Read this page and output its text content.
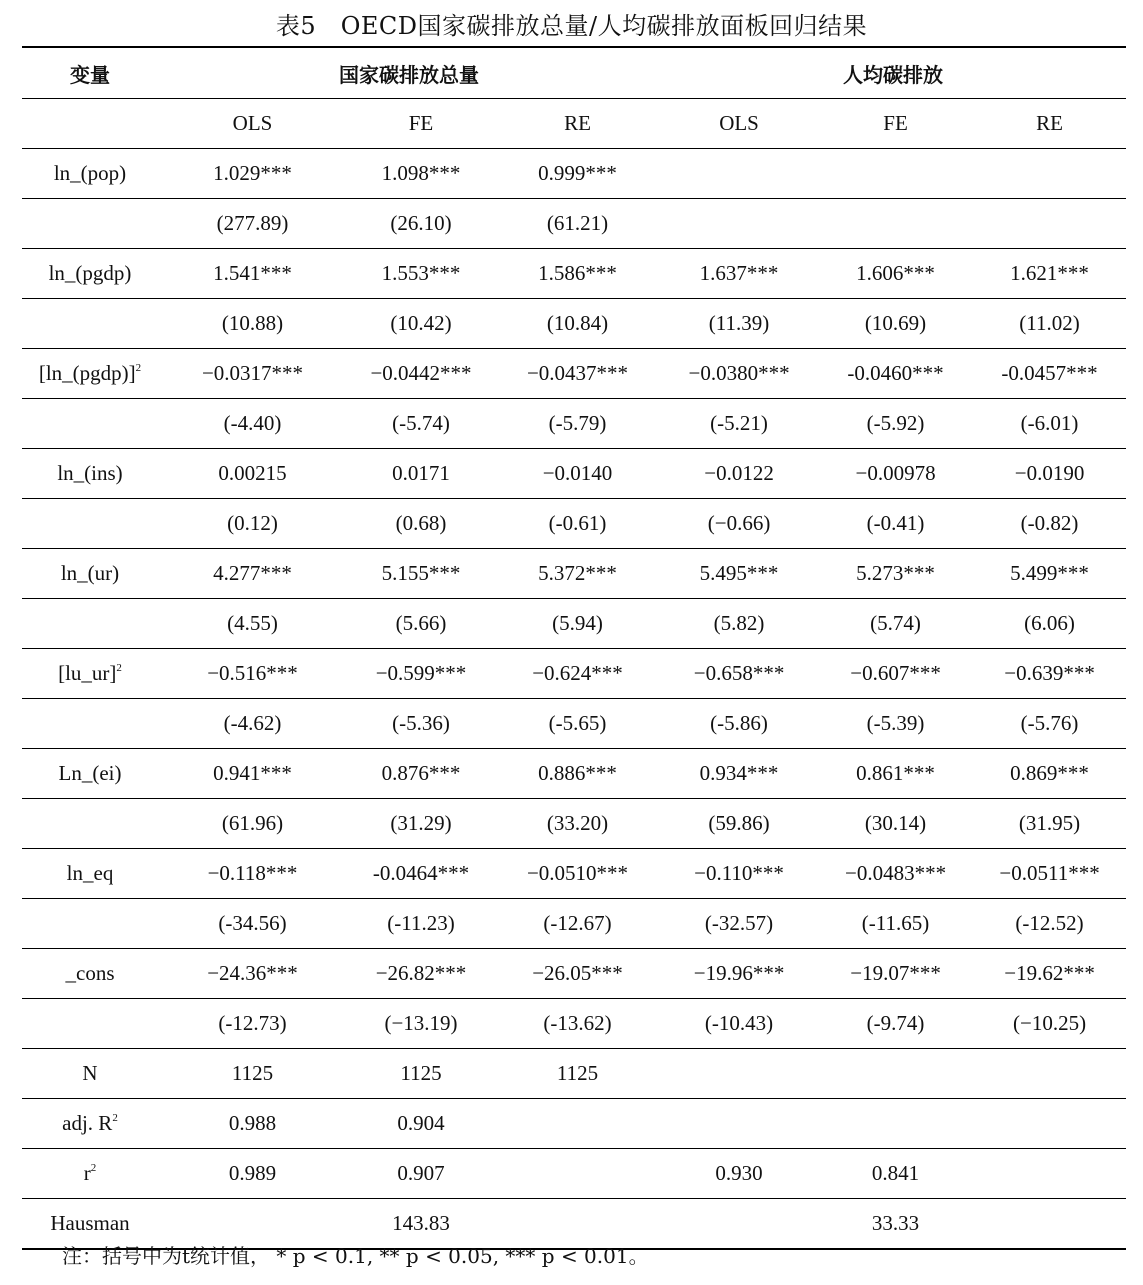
表5　OECD国家碳排放总量/人均碳排放面板回归结果
变量	国家碳排放总量			人均碳排放		
	OLS	FE	RE	OLS	FE	RE
ln_(pop)	1.029***	1.098***	0.999***			
	(277.89)	(26.10)	(61.21)			
ln_(pgdp)	1.541***	1.553***	1.586***	1.637***	1.606***	1.621***
	(10.88)	(10.42)	(10.84)	(11.39)	(10.69)	(11.02)
[ln_(pgdp)]$^2$	−0.0317***	−0.0442***	−0.0437***	−0.0380***	-0.0460***	-0.0457***
	(-4.40)	(-5.74)	(-5.79)	(-5.21)	(-5.92)	(-6.01)
ln_(ins)	0.00215	0.0171	−0.0140	−0.0122	−0.00978	−0.0190
	(0.12)	(0.68)	(-0.61)	(−0.66)	(-0.41)	(-0.82)
ln_(ur)	4.277***	5.155***	5.372***	5.495***	5.273***	5.499***
	(4.55)	(5.66)	(5.94)	(5.82)	(5.74)	(6.06)
[lu_ur]$^2$	−0.516***	−0.599***	−0.624***	−0.658***	−0.607***	−0.639***
	(-4.62)	(-5.36)	(-5.65)	(-5.86)	(-5.39)	(-5.76)
Ln_(ei)	0.941***	0.876***	0.886***	0.934***	0.861***	0.869***
	(61.96)	(31.29)	(33.20)	(59.86)	(30.14)	(31.95)
ln_eq	−0.118***	-0.0464***	−0.0510***	−0.110***	−0.0483***	−0.0511***
	(-34.56)	(-11.23)	(-12.67)	(-32.57)	(-11.65)	(-12.52)
_cons	−24.36***	−26.82***	−26.05***	−19.96***	−19.07***	−19.62***
	(-12.73)	(−13.19)	(-13.62)	(-10.43)	(-9.74)	(−10.25)
N	1125	1125	1125			
adj. $R^2$	0.988	0.904				
$r^2$	0.989	0.907		0.930	0.841	
Hausman		143.83			33.33	
注：括号中为t统计值， * p < 0.1, ** p < 0.05, *** p < 0.01。
